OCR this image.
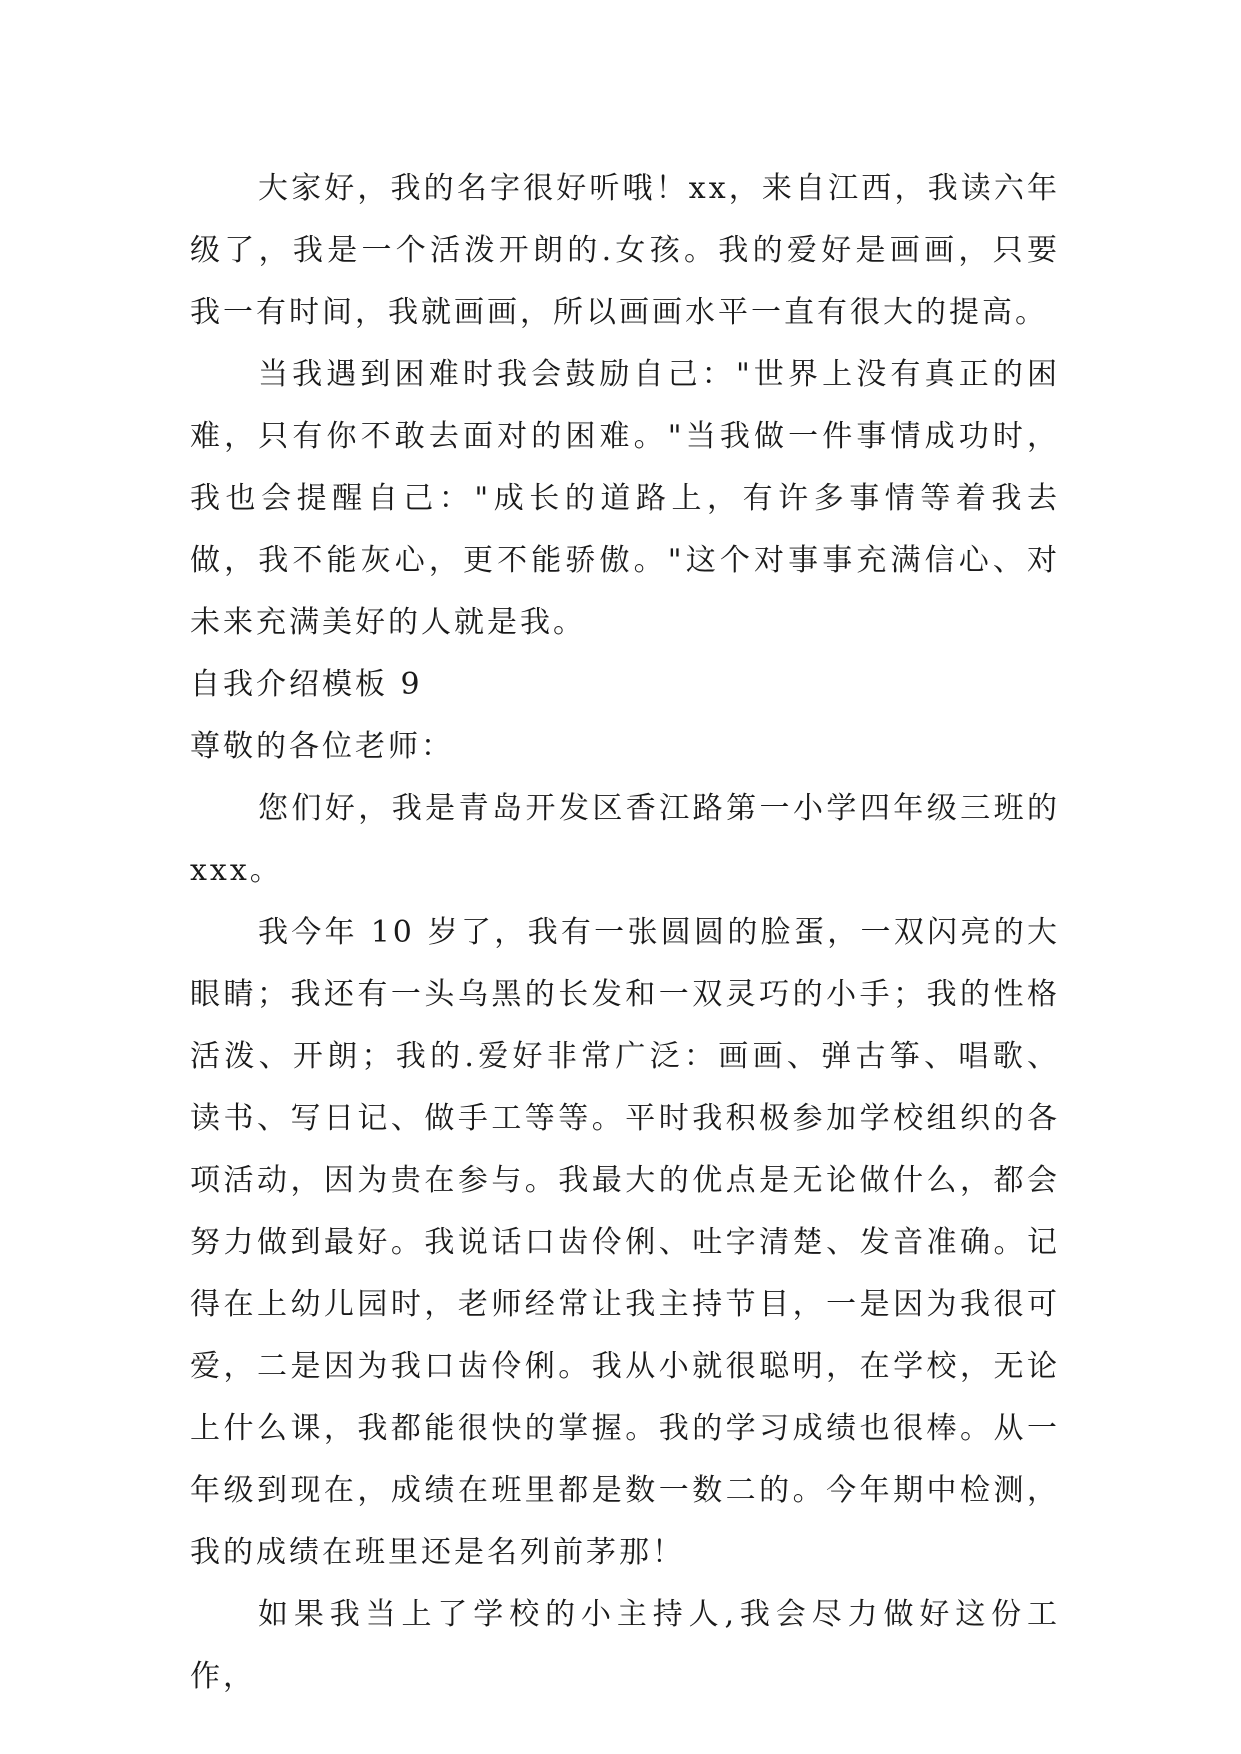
大家好，我的名字很好听哦！xx，来自江西，我读六年级了，我是一个活泼开朗的.女孩。我的爱好是画画，只要我一有时间，我就画画，所以画画水平一直有很大的提高。

当我遇到困难时我会鼓励自己："世界上没有真正的困难，只有你不敢去面对的困难。"当我做一件事情成功时，我也会提醒自己："成长的道路上，有许多事情等着我去做，我不能灰心，更不能骄傲。"这个对事事充满信心、对未来充满美好的人就是我。

自我介绍模板 9

尊敬的各位老师：

您们好，我是青岛开发区香江路第一小学四年级三班的 xxx。

我今年 10 岁了，我有一张圆圆的脸蛋，一双闪亮的大眼睛；我还有一头乌黑的长发和一双灵巧的小手；我的性格活泼、开朗；我的.爱好非常广泛：画画、弹古筝、唱歌、读书、写日记、做手工等等。平时我积极参加学校组织的各项活动，因为贵在参与。我最大的优点是无论做什么，都会努力做到最好。我说话口齿伶俐、吐字清楚、发音准确。记得在上幼儿园时，老师经常让我主持节目，一是因为我很可爱，二是因为我口齿伶俐。我从小就很聪明，在学校，无论上什么课，我都能很快的掌握。我的学习成绩也很棒。从一年级到现在，成绩在班里都是数一数二的。今年期中检测，我的成绩在班里还是名列前茅那！

如果我当上了学校的小主持人,我会尽力做好这份工作，
